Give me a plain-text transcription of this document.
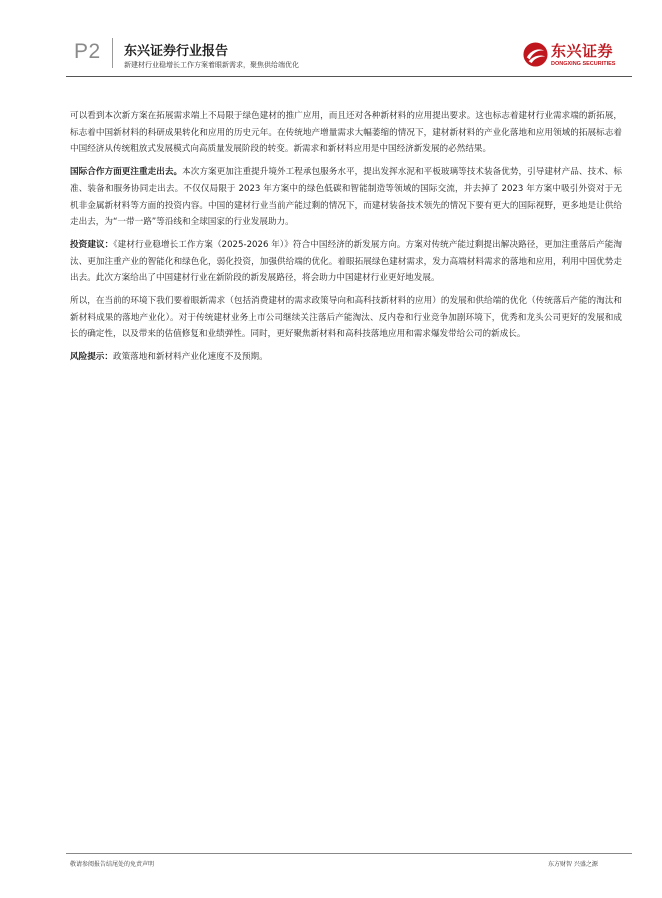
P2 东兴证券行业报告
新建材行业稳增长工作方案着眼新需求，聚焦供给端优化
东兴证券
DONGXING SECURITIES

可以看到本次新方案在拓展需求端上不局限于绿色建材的推广应用，而且还对各种新材料的应用提出要求。这也标志着建材行业需求端的新拓展，标志着中国新材料的科研成果转化和应用的历史元年。在传统地产增量需求大幅萎缩的情况下，建材新材料的产业化落地和应用领域的拓展标志着中国经济从传统粗放式发展模式向高质量发展阶段的转变。新需求和新材料应用是中国经济新发展的必然结果。

国际合作方面更注重走出去。本次方案更加注重提升境外工程承包服务水平，提出发挥水泥和平板玻璃等技术装备优势，引导建材产品、技术、标准、装备和服务协同走出去。不仅仅局限于 2023 年方案中的绿色低碳和智能制造等领域的国际交流，并去掉了 2023 年方案中吸引外资对于无机非金属新材料等方面的投资内容。中国的建材行业当前产能过剩的情况下，而建材装备技术领先的情况下要有更大的国际视野，更多地是让供给走出去，为“一带一路”等沿线和全球国家的行业发展助力。

投资建议：《建材行业稳增长工作方案（2025-2026 年）》符合中国经济的新发展方向。方案对传统产能过剩提出解决路径，更加注重落后产能淘汰、更加注重产业的智能化和绿色化，弱化投资，加强供给端的优化。着眼拓展绿色建材需求，发力高端材料需求的落地和应用，利用中国优势走出去。此次方案给出了中国建材行业在新阶段的新发展路径，将会助力中国建材行业更好地发展。

所以，在当前的环境下我们要着眼新需求（包括消费建材的需求政策导向和高科技新材料的应用）的发展和供给端的优化（传统落后产能的淘汰和新材料成果的落地产业化）。对于传统建材业务上市公司继续关注落后产能淘汰、反内卷和行业竞争加剧环境下，优秀和龙头公司更好的发展和成长的确定性，以及带来的估值修复和业绩弹性。同时，更好聚焦新材料和高科技落地应用和需求爆发带给公司的新成长。

风险提示：政策落地和新材料产业化速度不及预期。

敬请参阅报告结尾处的免责声明	东方财智 兴盛之源
